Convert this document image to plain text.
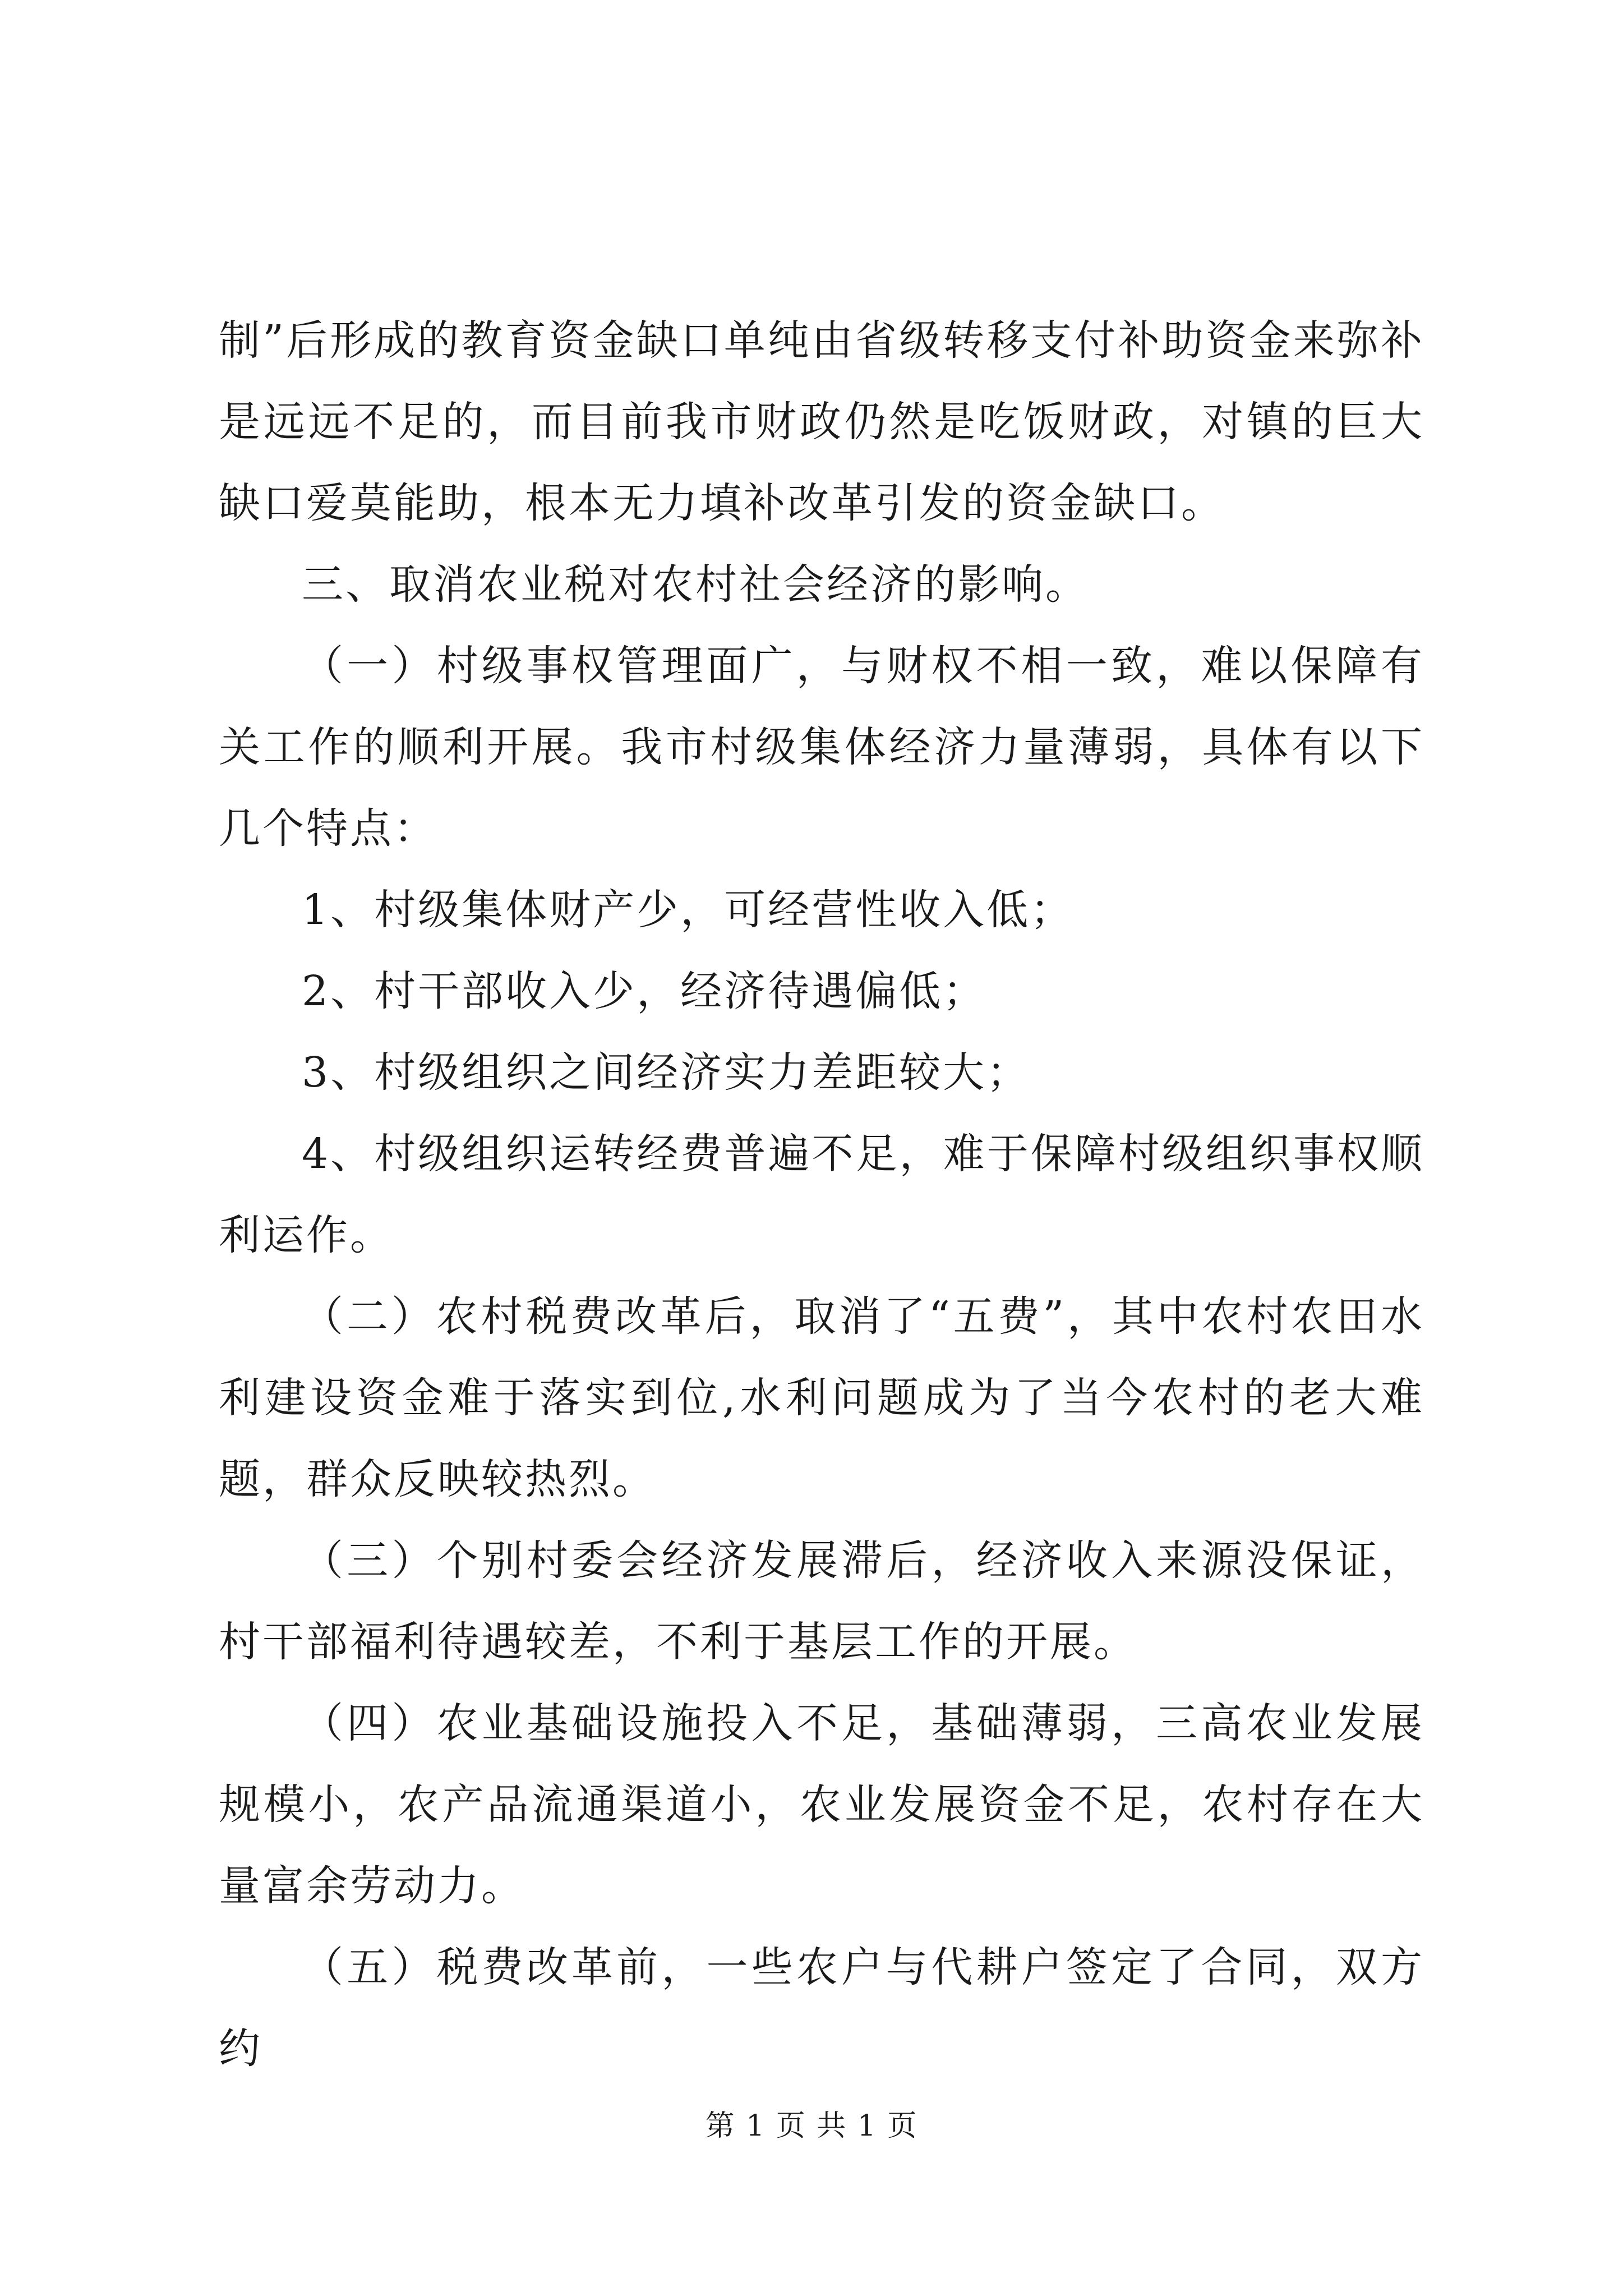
制”后形成的教育资金缺口单纯由省级转移支付补助资金来弥补是远远不足的，而目前我市财政仍然是吃饭财政，对镇的巨大缺口爱莫能助，根本无力填补改革引发的资金缺口。

三、取消农业税对农村社会经济的影响。

（一）村级事权管理面广，与财权不相一致，难以保障有关工作的顺利开展。我市村级集体经济力量薄弱，具体有以下几个特点：

1、村级集体财产少，可经营性收入低；

2、村干部收入少，经济待遇偏低；

3、村级组织之间经济实力差距较大；

4、村级组织运转经费普遍不足，难于保障村级组织事权顺利运作。

（二）农村税费改革后，取消了“五费”，其中农村农田水利建设资金难于落实到位,水利问题成为了当今农村的老大难题，群众反映较热烈。

（三）个别村委会经济发展滞后，经济收入来源没保证，村干部福利待遇较差，不利于基层工作的开展。

（四）农业基础设施投入不足，基础薄弱，三高农业发展规模小，农产品流通渠道小，农业发展资金不足，农村存在大量富余劳动力。

（五）税费改革前，一些农户与代耕户签定了合同，双方约

第 1 页 共 1 页
